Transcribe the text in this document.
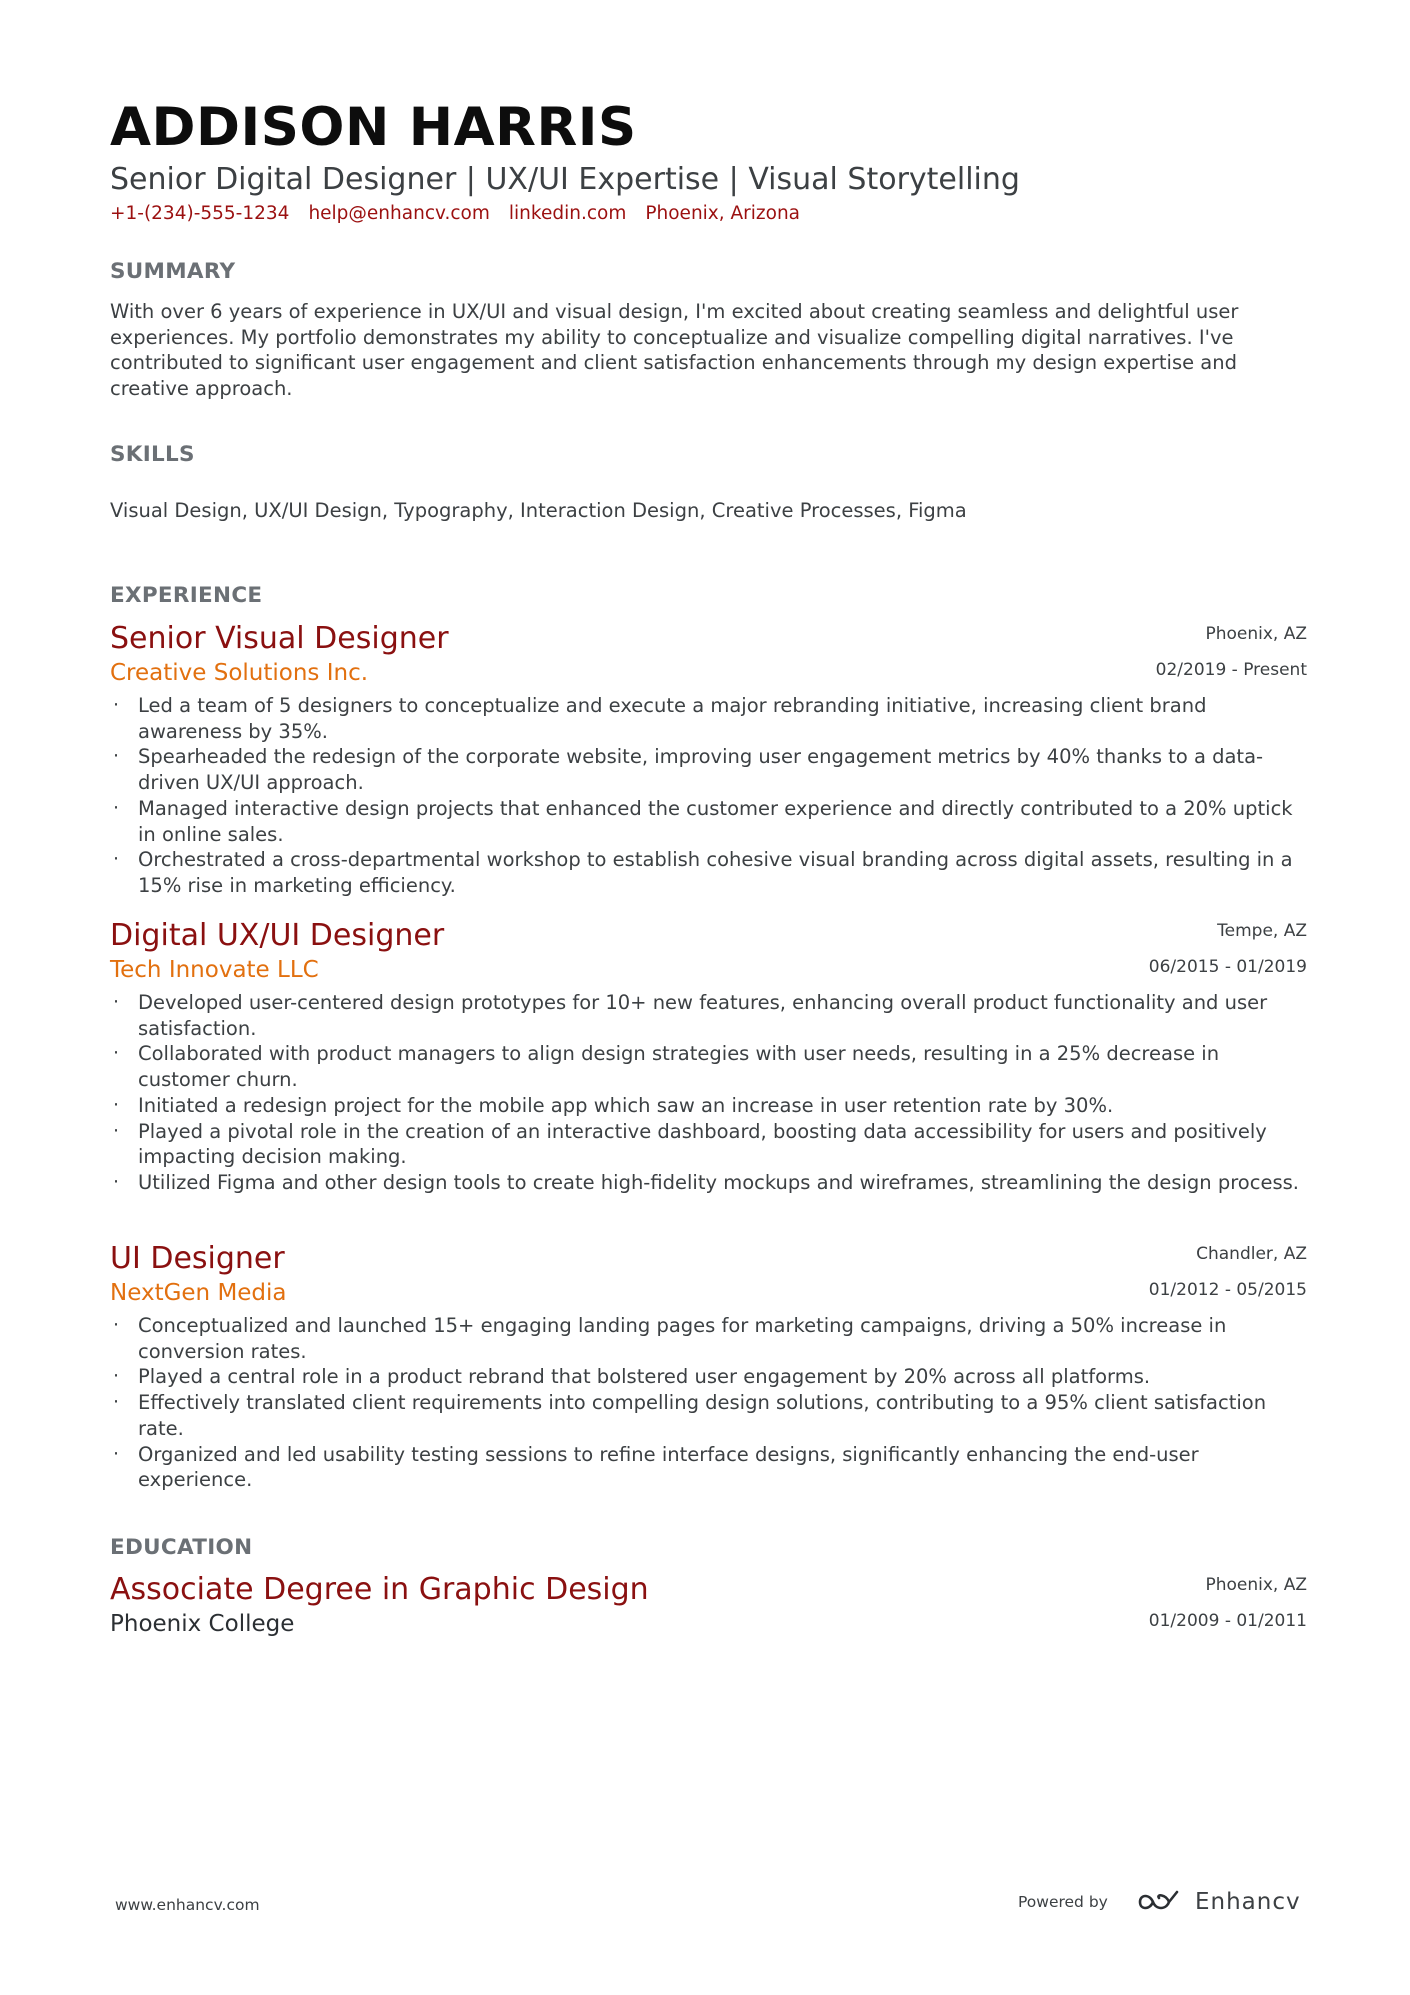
ADDISON HARRIS
Senior Digital Designer | UX/UI Expertise | Visual Storytelling
+1-(234)-555-1234 help@enhancv.com linkedin.com Phoenix, Arizona
SUMMARY
With over 6 years of experience in UX/UI and visual design, I'm excited about creating seamless and delightful user experiences. My portfolio demonstrates my ability to conceptualize and visualize compelling digital narratives. I've contributed to significant user engagement and client satisfaction enhancements through my design expertise and creative approach.
SKILLS
Visual Design, UX/UI Design, Typography, Interaction Design, Creative Processes, Figma
EXPERIENCE
Senior Visual Designer
Creative Solutions Inc.
Phoenix, AZ
02/2019 - Present
· Led a team of 5 designers to conceptualize and execute a major rebranding initiative, increasing client brand awareness by 35%.
· Spearheaded the redesign of the corporate website, improving user engagement metrics by 40% thanks to a data-driven UX/UI approach.
· Managed interactive design projects that enhanced the customer experience and directly contributed to a 20% uptick in online sales.
· Orchestrated a cross-departmental workshop to establish cohesive visual branding across digital assets, resulting in a 15% rise in marketing efficiency.
Digital UX/UI Designer
Tech Innovate LLC
Tempe, AZ
06/2015 - 01/2019
· Developed user-centered design prototypes for 10+ new features, enhancing overall product functionality and user satisfaction.
· Collaborated with product managers to align design strategies with user needs, resulting in a 25% decrease in customer churn.
· Initiated a redesign project for the mobile app which saw an increase in user retention rate by 30%.
· Played a pivotal role in the creation of an interactive dashboard, boosting data accessibility for users and positively impacting decision making.
· Utilized Figma and other design tools to create high-fidelity mockups and wireframes, streamlining the design process.
UI Designer
NextGen Media
Chandler, AZ
01/2012 - 05/2015
· Conceptualized and launched 15+ engaging landing pages for marketing campaigns, driving a 50% increase in conversion rates.
· Played a central role in a product rebrand that bolstered user engagement by 20% across all platforms.
· Effectively translated client requirements into compelling design solutions, contributing to a 95% client satisfaction rate.
· Organized and led usability testing sessions to refine interface designs, significantly enhancing the end-user experience.
EDUCATION
Associate Degree in Graphic Design
Phoenix College
Phoenix, AZ
01/2009 - 01/2011
www.enhancv.com	Powered by	Enhancv
